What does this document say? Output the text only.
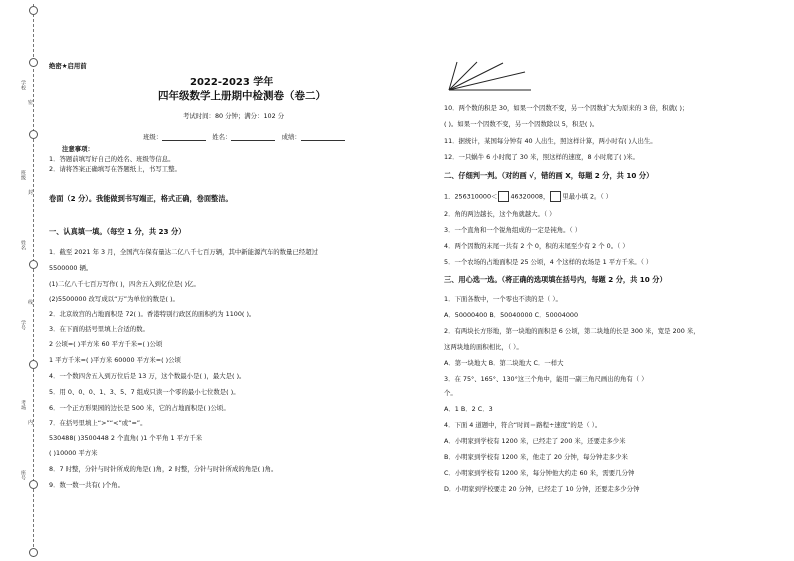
密
封
线
内
学校
班级
姓名
学号
考场
座号
绝密★启用前
2022-2023 学年
四年级数学上册期中检测卷（卷二）
考试时间：80 分钟；满分：102 分
班级：	姓名：	成绩：
注意事项：
1．答题前填写好自己的姓名、班级等信息。
2．请将答案正确填写在答题纸上，书写工整。
卷面（2 分）。我能做到书写端正，格式正确，卷面整洁。
一、认真填一填。（每空 1 分，共 23 分）
1．截至 2021 年 3 月，全国汽车保有量达二亿八千七百万辆，其中新能源汽车的数量已经超过
5500000 辆。
(1)二亿八千七百万写作( )，四舍五入到亿位是( )亿。
(2)5500000 改写成以“万”为单位的数是( )。
2．北京故宫的占地面积是 72( )。香港特别行政区的面积约为 1100( )。
3．在下面的括号里填上合适的数。
2 公顷=( )平方米 60 平方千米=( )公顷
1 平方千米=( )平方米 60000 平方米=( )公顷
4．一个数四舍五入到万位后是 13 万，这个数最小是( )，最大是( )。
5．用 0、0、0、1、3、5、7 组成只读一个零的最小七位数是( )。
6．一个正方形果园的边长是 500 米，它的占地面积是( )公顷。
7．在括号里填上“>”“<”或“=”。
530488( )3500448 2 个直角( )1 个平角 1 平方千米
( )10000 平方米
8．7 时整，分针与时针所成的角是( )角，2 时整，分针与时针所成的角是( )角。
9．数一数一共有( )个角。
10．两个数的积是 30，如果一个因数不变，另一个因数扩大为原来的 3 倍，积就( )；
( )。如果一个因数不变，另一个因数除以 5，积是( )。
11．据统计，某国每分钟有 40 人出生，照这样计算，两小时有( )人出生。
12．一只蜗牛 6 小时爬了 30 米，照这样的速度，8 小时爬了( )米。
二、仔细判一判。（对的画 √，错的画 X，每题 2 分，共 10 分）
1．256310000＜ 46320008， 里最小填 2。（ ）
2．角的两边越长，这个角就越大。（ ）
3．一个直角和一个锐角组成的一定是钝角。（ ）
4．两个因数的末尾一共有 2 个 0，积的末尾至少有 2 个 0。（ ）
5．一个农场的占地面积是 25 公顷，4 个这样的农场是 1 平方千米。（ ）
三、用心选一选。（将正确的选项填在括号内，每题 2 分，共 10 分）
1．下面各数中，一个零也不读的是（ ）。
A．50000400 B．50040000 C．50004000
2．有两块长方形地，第一块地的面积是 6 公顷，第二块地的长是 300 米，宽是 200 米，
这两块地的面积相比，（ ）。
A．第一块地大 B．第二块地大 C．一样大
3．在 75°、165°、130°这三个角中，能用一副三角尺画出的角有（ ）
个。
A．1 B．2 C．3
4．下面 4 道题中，符合“时间＝路程÷速度”的是（ ）。
A．小明家到学校有 1200 米，已经走了 200 米，还要走多少米
B．小明家到学校有 1200 米，他走了 20 分钟，每分钟走多少米
C．小明家到学校有 1200 米，每分钟他大约走 60 米，需要几分钟
D．小明家到学校要走 20 分钟，已经走了 10 分钟，还要走多少分钟
